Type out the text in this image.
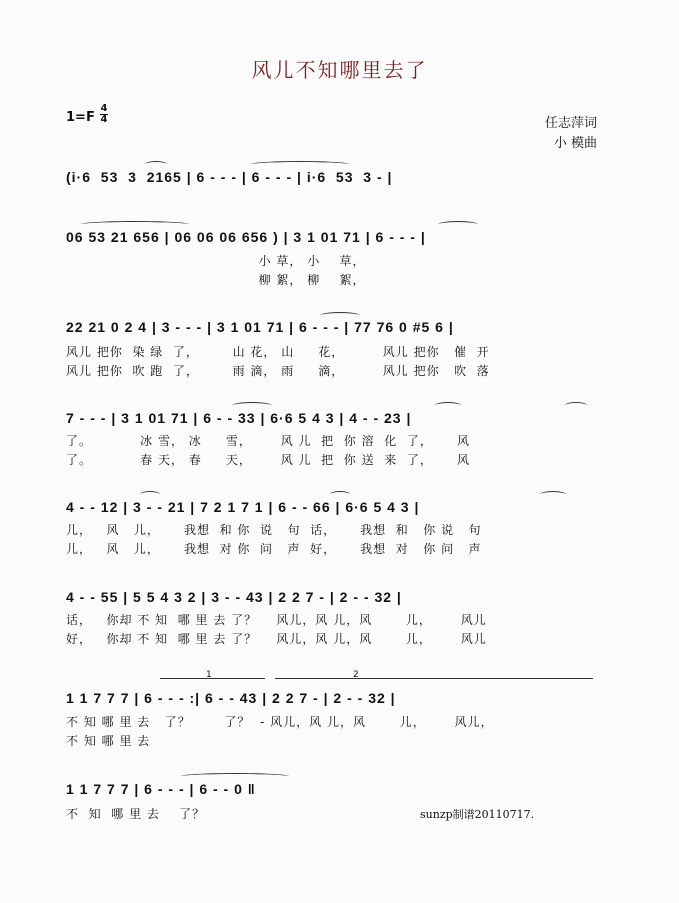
风儿不知哪里去了
1=F
4
4	任志萍词
小 模曲
(i·6  53  3  2165 | 6 - - - | 6 - - - | i·6  53  3 - |
06 53 21 656 | 06 06 06 656 ) | 3 1 01 71 | 6 - - - |
小 草， 小    草，
柳 絮， 柳    絮，
22 21 0 2 4 | 3 - - - | 3 1 01 71 | 6 - - - | 77 76 0 #5 6 |
风儿 把你  染 绿  了，       山 花， 山     花，        风儿 把你   催  开
风儿 把你  吹 跑  了，       雨 滴， 雨     滴，        风儿 把你   吹  落
7 - - - | 3 1 01 71 | 6 - - 33 | 6·6 5 4 3 | 4 - - 23 |
了。          冰 雪， 冰     雪，      风 儿  把  你 溶  化  了，     风
了。          春 天， 春     天，      风 儿  把  你 送  来  了，     风
4 - - 12 | 3 - - 21 | 7 2 1 7 1 | 6 - - 66 | 6·6 5 4 3 |
儿，   风   儿，     我想  和 你  说   句  话，     我想  和   你 说   句
儿，   风   儿，     我想  对 你  问   声  好，     我想  对   你 问   声
4 - - 55 | 5 5 4 3 2 | 3 - - 43 | 2 2 7 - | 2 - - 32 |
话，   你却 不 知  哪 里 去 了？    风儿，风 儿，风       儿，      风儿
好，   你却 不 知  哪 里 去 了？    风儿，风 儿，风       儿，      风儿
1	2
1 1 7 7 7 | 6 - - - :| 6 - - 43 | 2 2 7 - | 2 - - 32 |
不 知 哪 里 去   了？       了？  - 风儿，风 儿，风       儿，      风儿，
不 知 哪 里 去
1 1 7 7 7 | 6 - - - | 6 - - 0 ‖
不  知  哪 里 去    了？	sunzp制谱20110717.
